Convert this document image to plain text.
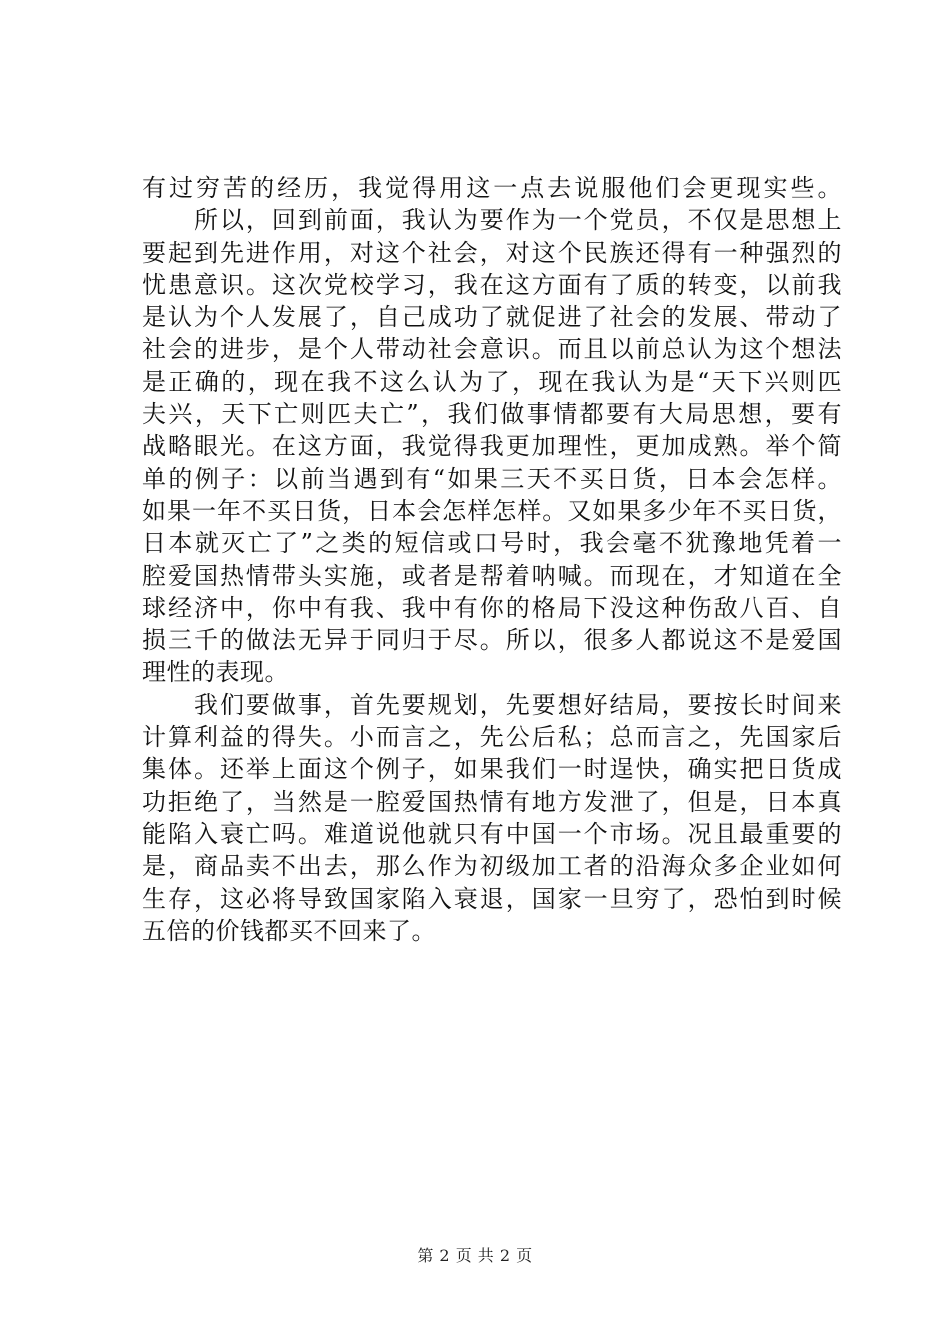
有过穷苦的经历，我觉得用这一点去说服他们会更现实些。
　　所以，回到前面，我认为要作为一个党员，不仅是思想上
要起到先进作用，对这个社会，对这个民族还得有一种强烈的
忧患意识。这次党校学习，我在这方面有了质的转变，以前我
是认为个人发展了，自己成功了就促进了社会的发展、带动了
社会的进步，是个人带动社会意识。而且以前总认为这个想法
是正确的，现在我不这么认为了，现在我认为是“天下兴则匹
夫兴，天下亡则匹夫亡”，我们做事情都要有大局思想，要有
战略眼光。在这方面，我觉得我更加理性，更加成熟。举个简
单的例子：以前当遇到有“如果三天不买日货，日本会怎样。
如果一年不买日货，日本会怎样怎样。又如果多少年不买日货，
日本就灭亡了”之类的短信或口号时，我会毫不犹豫地凭着一
腔爱国热情带头实施，或者是帮着呐喊。而现在，才知道在全
球经济中，你中有我、我中有你的格局下没这种伤敌八百、自
损三千的做法无异于同归于尽。所以，很多人都说这不是爱国
理性的表现。
　　我们要做事，首先要规划，先要想好结局，要按长时间来
计算利益的得失。小而言之，先公后私；总而言之，先国家后
集体。还举上面这个例子，如果我们一时逞快，确实把日货成
功拒绝了，当然是一腔爱国热情有地方发泄了，但是，日本真
能陷入衰亡吗。难道说他就只有中国一个市场。况且最重要的
是，商品卖不出去，那么作为初级加工者的沿海众多企业如何
生存，这必将导致国家陷入衰退，国家一旦穷了，恐怕到时候
五倍的价钱都买不回来了。
第 2 页 共 2 页
